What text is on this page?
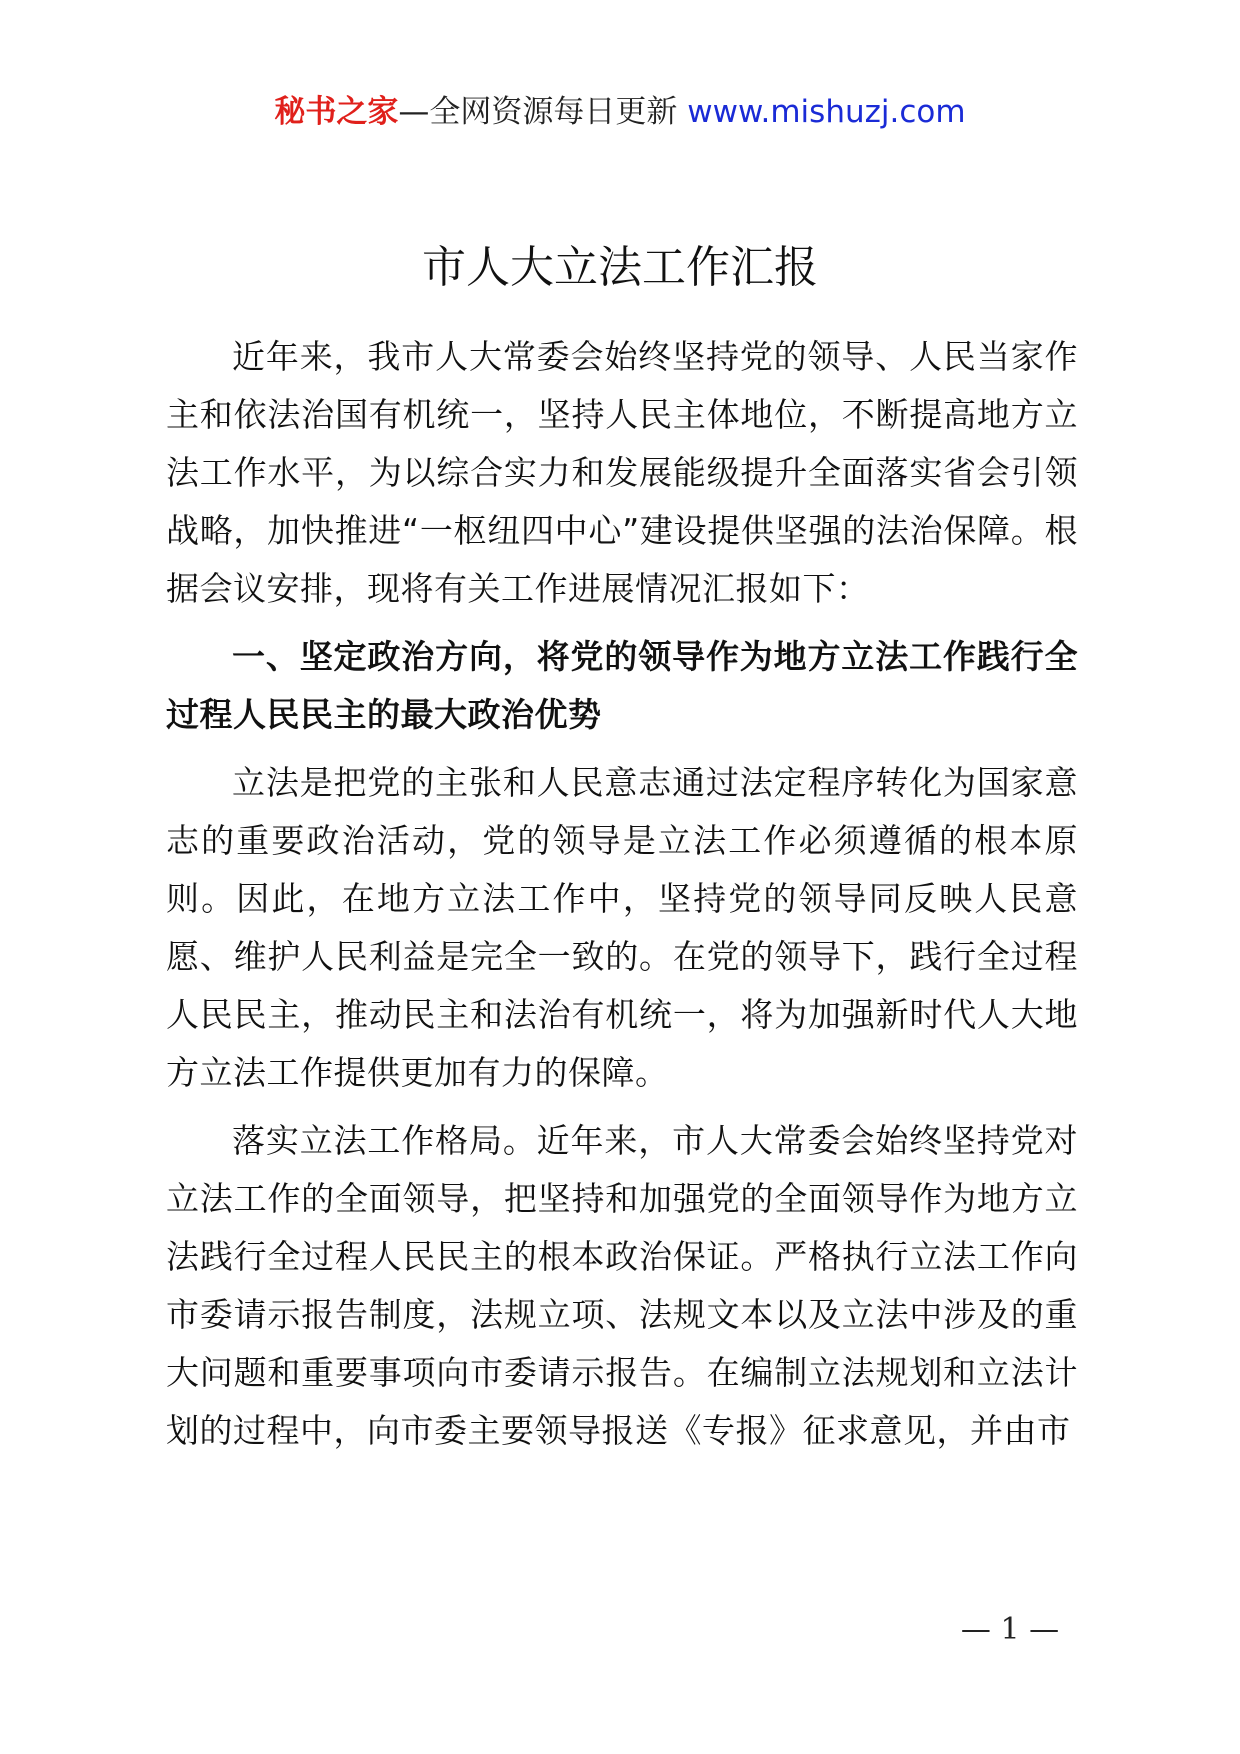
秘书之家—全网资源每日更新 www.mishuzj.com
市人大立法工作汇报

近年来，我市人大常委会始终坚持党的领导、人民当家作主和依法治国有机统一，坚持人民主体地位，不断提高地方立法工作水平，为以综合实力和发展能级提升全面落实省会引领战略，加快推进“一枢纽四中心”建设提供坚强的法治保障。根据会议安排，现将有关工作进展情况汇报如下：

一、坚定政治方向，将党的领导作为地方立法工作践行全过程人民民主的最大政治优势

立法是把党的主张和人民意志通过法定程序转化为国家意志的重要政治活动，党的领导是立法工作必须遵循的根本原则。因此，在地方立法工作中，坚持党的领导同反映人民意愿、维护人民利益是完全一致的。在党的领导下，践行全过程人民民主，推动民主和法治有机统一，将为加强新时代人大地方立法工作提供更加有力的保障。

落实立法工作格局。近年来，市人大常委会始终坚持党对立法工作的全面领导，把坚持和加强党的全面领导作为地方立法践行全过程人民民主的根本政治保证。严格执行立法工作向市委请示报告制度，法规立项、法规文本以及立法中涉及的重大问题和重要事项向市委请示报告。在编制立法规划和立法计划的过程中，向市委主要领导报送《专报》征求意见，并由市

— 1 —
